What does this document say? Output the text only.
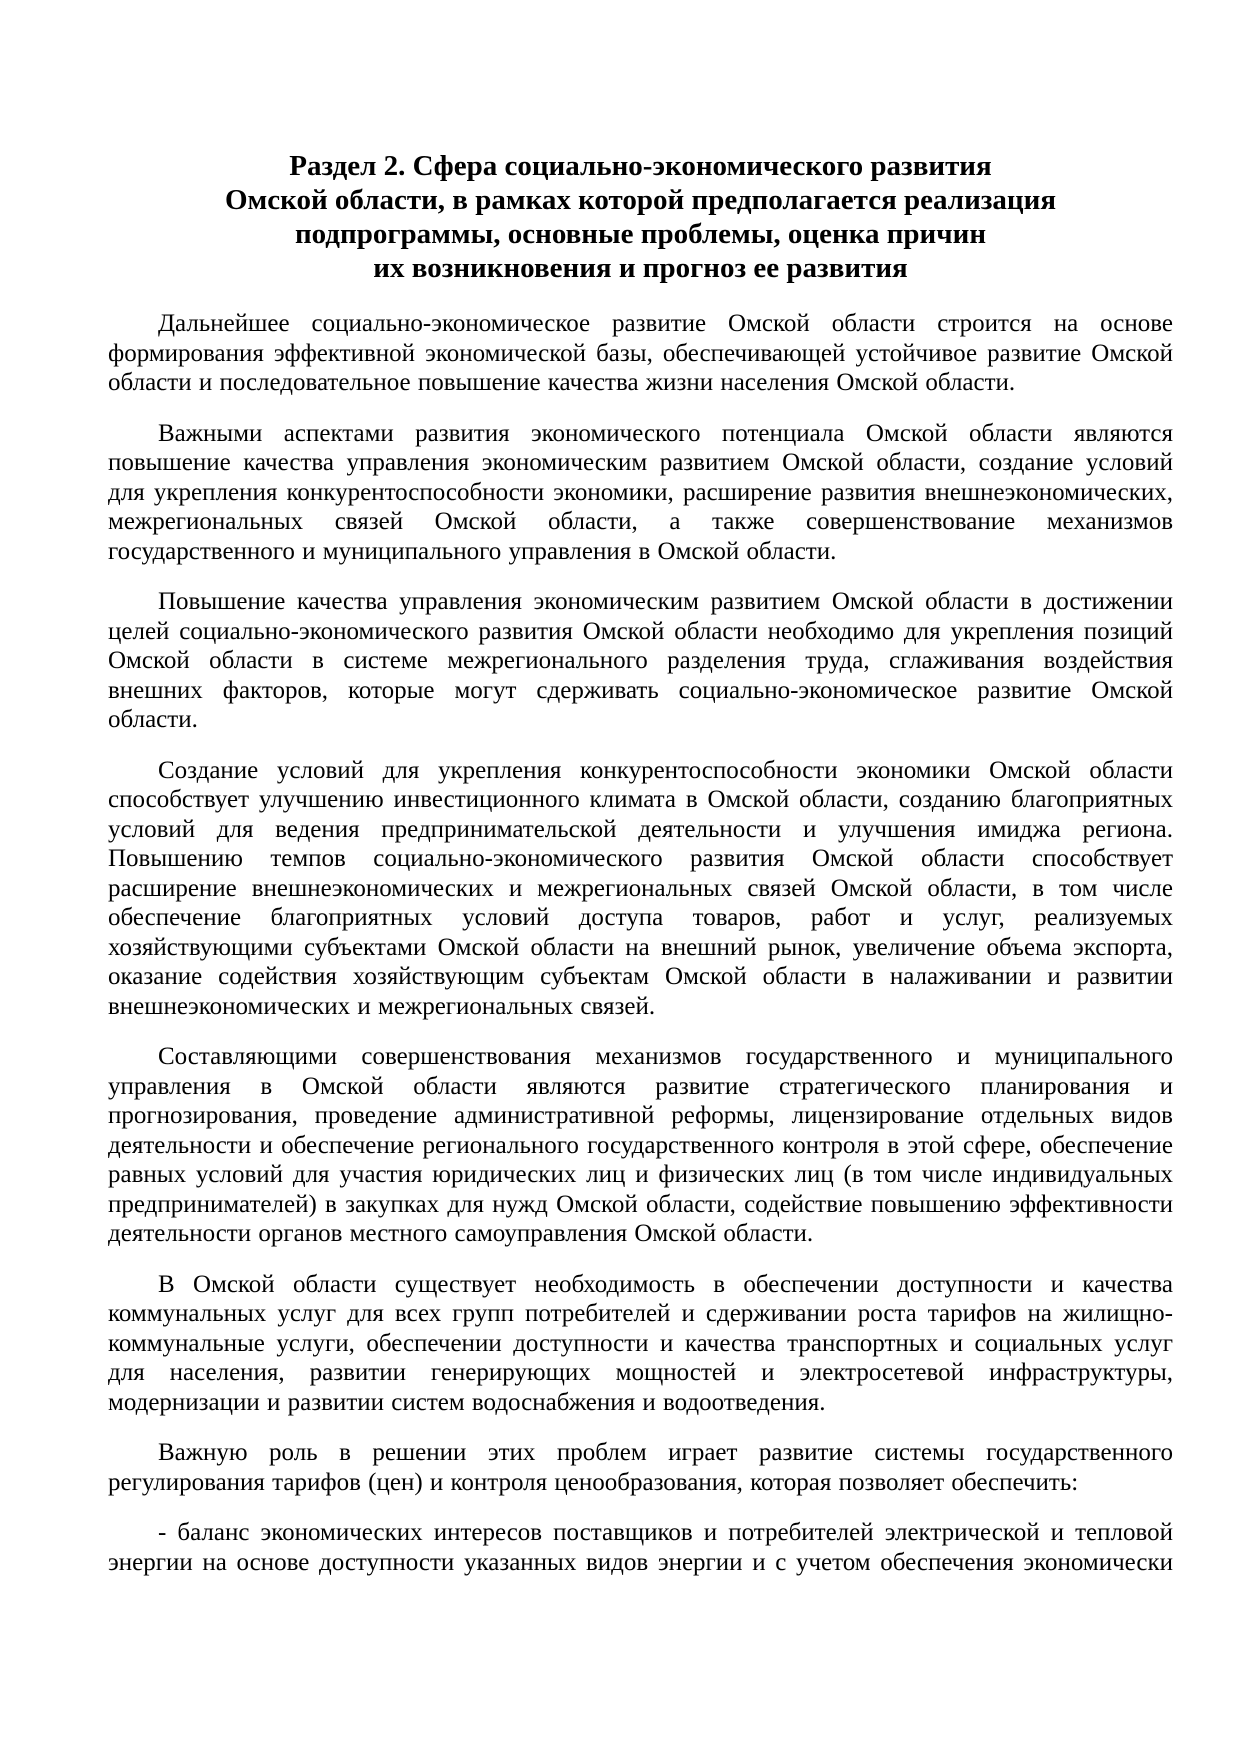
Раздел 2. Сфера социально-экономического развития
Омской области, в рамках которой предполагается реализация
подпрограммы, основные проблемы, оценка причин
их возникновения и прогноз ее развития

Дальнейшее социально-экономическое развитие Омской области строится на основе формирования эффективной экономической базы, обеспечивающей устойчивое развитие Омской области и последовательное повышение качества жизни населения Омской области.

Важными аспектами развития экономического потенциала Омской области являются повышение качества управления экономическим развитием Омской области, создание условий для укрепления конкурентоспособности экономики, расширение развития внешнеэкономических, межрегиональных связей Омской области, а также совершенствование механизмов государственного и муниципального управления в Омской области.

Повышение качества управления экономическим развитием Омской области в достижении целей социально-экономического развития Омской области необходимо для укрепления позиций Омской области в системе межрегионального разделения труда, сглаживания воздействия внешних факторов, которые могут сдерживать социально-экономическое развитие Омской области.

Создание условий для укрепления конкурентоспособности экономики Омской области способствует улучшению инвестиционного климата в Омской области, созданию благоприятных условий для ведения предпринимательской деятельности и улучшения имиджа региона. Повышению темпов социально-экономического развития Омской области способствует расширение внешнеэкономических и межрегиональных связей Омской области, в том числе обеспечение благоприятных условий доступа товаров, работ и услуг, реализуемых хозяйствующими субъектами Омской области на внешний рынок, увеличение объема экспорта, оказание содействия хозяйствующим субъектам Омской области в налаживании и развитии внешнеэкономических и межрегиональных связей.

Составляющими совершенствования механизмов государственного и муниципального управления в Омской области являются развитие стратегического планирования и прогнозирования, проведение административной реформы, лицензирование отдельных видов деятельности и обеспечение регионального государственного контроля в этой сфере, обеспечение равных условий для участия юридических лиц и физических лиц (в том числе индивидуальных предпринимателей) в закупках для нужд Омской области, содействие повышению эффективности деятельности органов местного самоуправления Омской области.

В Омской области существует необходимость в обеспечении доступности и качества коммунальных услуг для всех групп потребителей и сдерживании роста тарифов на жилищно-коммунальные услуги, обеспечении доступности и качества транспортных и социальных услуг для населения, развитии генерирующих мощностей и электросетевой инфраструктуры, модернизации и развитии систем водоснабжения и водоотведения.

Важную роль в решении этих проблем играет развитие системы государственного регулирования тарифов (цен) и контроля ценообразования, которая позволяет обеспечить:

- баланс экономических интересов поставщиков и потребителей электрической и тепловой энергии на основе доступности указанных видов энергии и с учетом обеспечения экономически
